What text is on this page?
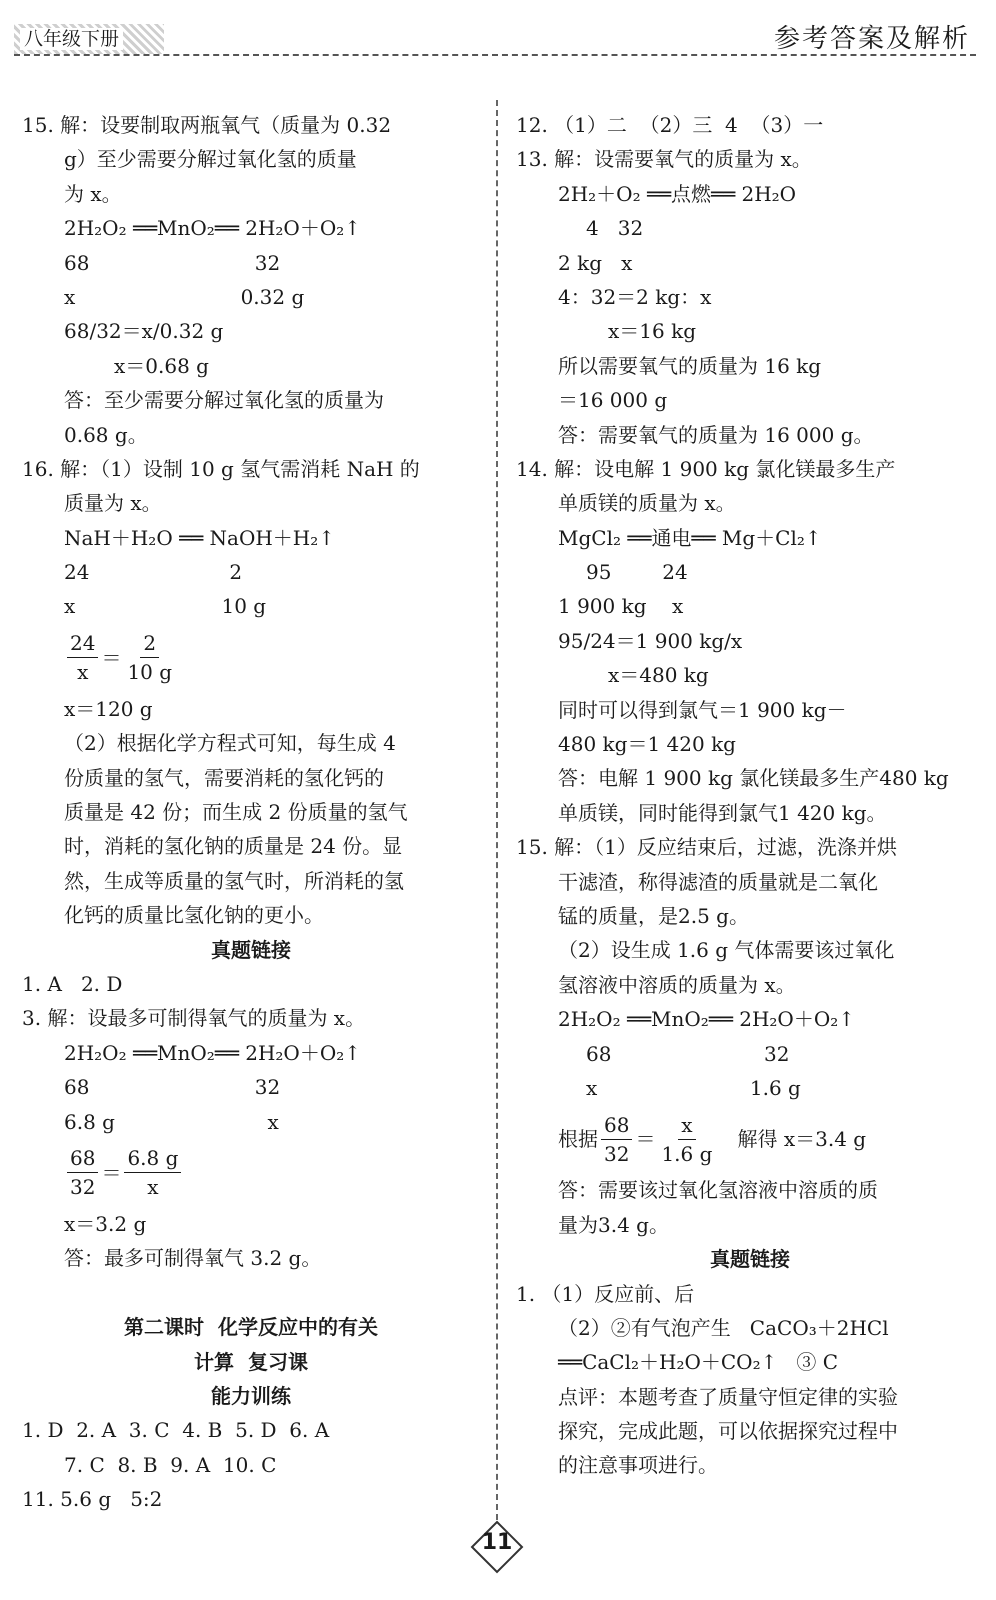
八年级下册	参考答案及解析
15. 解：设要制取两瓶氧气（质量为 0.32
g）至少需要分解过氧化氢的质量
为 x。
2H₂O₂ ══MnO₂══ 2H₂O＋O₂↑
68                          32
x                          0.32 g
68/32＝x/0.32 g
x＝0.68 g
答：至少需要分解过氧化氢的质量为
0.68 g。
16. 解：（1）设制 10 g 氢气需消耗 NaH 的
质量为 x。
NaH＋H₂O ══ NaOH＋H₂↑
24                      2
x                       10 g
$\frac{24}{x} = \frac{2}{10 g}$
x＝120 g
（2）根据化学方程式可知，每生成 4
份质量的氢气，需要消耗的氢化钙的
质量是 42 份；而生成 2 份质量的氢气
时，消耗的氢化钠的质量是 24 份。显
然，生成等质量的氢气时，所消耗的氢
化钙的质量比氢化钠的更小。
真题链接
1. A   2. D
3. 解：设最多可制得氧气的质量为 x。
2H₂O₂ ══MnO₂══ 2H₂O＋O₂↑
68                          32
6.8 g                        x
$\frac{68}{32} = \frac{6.8 g}{x}$
x＝3.2 g
答：最多可制得氧气 3.2 g。
第二课时  化学反应中的有关
计算  复习课
能力训练
1. D  2. A  3. C  4. B  5. D  6. A
7. C  8. B  9. A  10. C
11. 5.6 g   5:2
12. （1）二  （2）三  4  （3）一
13. 解：设需要氧气的质量为 x。
2H₂＋O₂ ══点燃══ 2H₂O
4   32
2 kg   x
4：32＝2 kg：x
x＝16 kg
所以需要氧气的质量为 16 kg
＝16 000 g
答：需要氧气的质量为 16 000 g。
14. 解：设电解 1 900 kg 氯化镁最多生产
单质镁的质量为 x。
MgCl₂ ══通电══ Mg＋Cl₂↑
95        24
1 900 kg    x
95/24＝1 900 kg/x
x＝480 kg
同时可以得到氯气＝1 900 kg－
480 kg＝1 420 kg
答：电解 1 900 kg 氯化镁最多生产480 kg
单质镁，同时能得到氯气1 420 kg。
15. 解：（1）反应结束后，过滤，洗涤并烘
干滤渣，称得滤渣的质量就是二氧化
锰的质量，是2.5 g。
（2）设生成 1.6 g 气体需要该过氧化
氢溶液中溶质的质量为 x。
2H₂O₂ ══MnO₂══ 2H₂O＋O₂↑
68                        32
x                        1.6 g
根据 $\frac{68}{32} = \frac{x}{1.6 g}$ 解得 x＝3.4 g
答：需要该过氧化氢溶液中溶质的质
量为3.4 g。
真题链接
1. （1）反应前、后
（2）②有气泡产生   CaCO₃＋2HCl
══CaCl₂＋H₂O＋CO₂↑   ③ C
点评：本题考查了质量守恒定律的实验
探究，完成此题，可以依据探究过程中
的注意事项进行。
11
